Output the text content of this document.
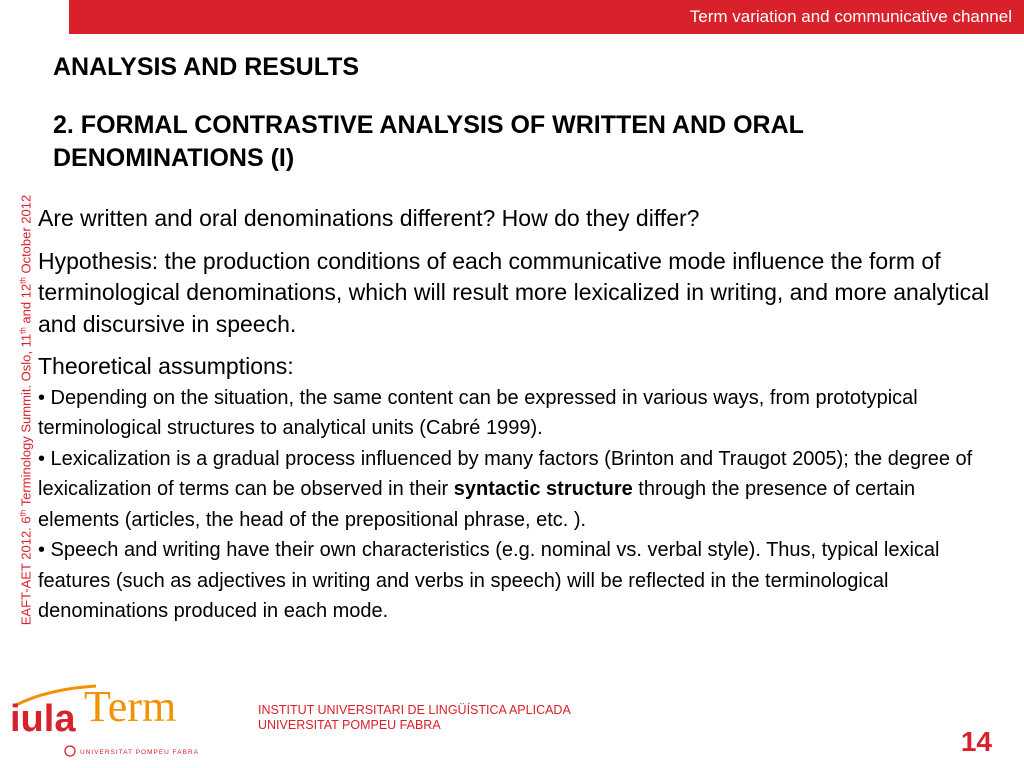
Term variation and communicative channel
ANALYSIS AND RESULTS
2. FORMAL CONTRASTIVE ANALYSIS OF WRITTEN AND ORAL DENOMINATIONS (I)
EAFT-AET 2012. 6th Terminology Summit. Oslo, 11th and 12th October 2012 Are written and oral denominations different? How do they differ?

Hypothesis: the production conditions of each communicative mode influence the form of terminological denominations, which will result more lexicalized in writing, and more analytical and discursive in speech.

Theoretical assumptions:

• Depending on the situation, the same content can be expressed in various ways, from prototypical terminological structures to analytical units (Cabré 1999).

• Lexicalization is a gradual process influenced by many factors (Brinton and Traugot 2005); the degree of lexicalization of terms can be observed in their syntactic structure through the presence of certain elements (articles, the head of the prepositional phrase, etc. ).

• Speech and writing have their own characteristics (e.g. nominal vs. verbal style). Thus, typical lexical features (such as adjectives in writing and verbs in speech) will be reflected in the terminological denominations produced in each mode.

iula Term
UNIVERSITAT POMPEU FABRA
INSTITUT UNIVERSITARI DE LINGÜÍSTICA APLICADA
UNIVERSITAT POMPEU FABRA
14
